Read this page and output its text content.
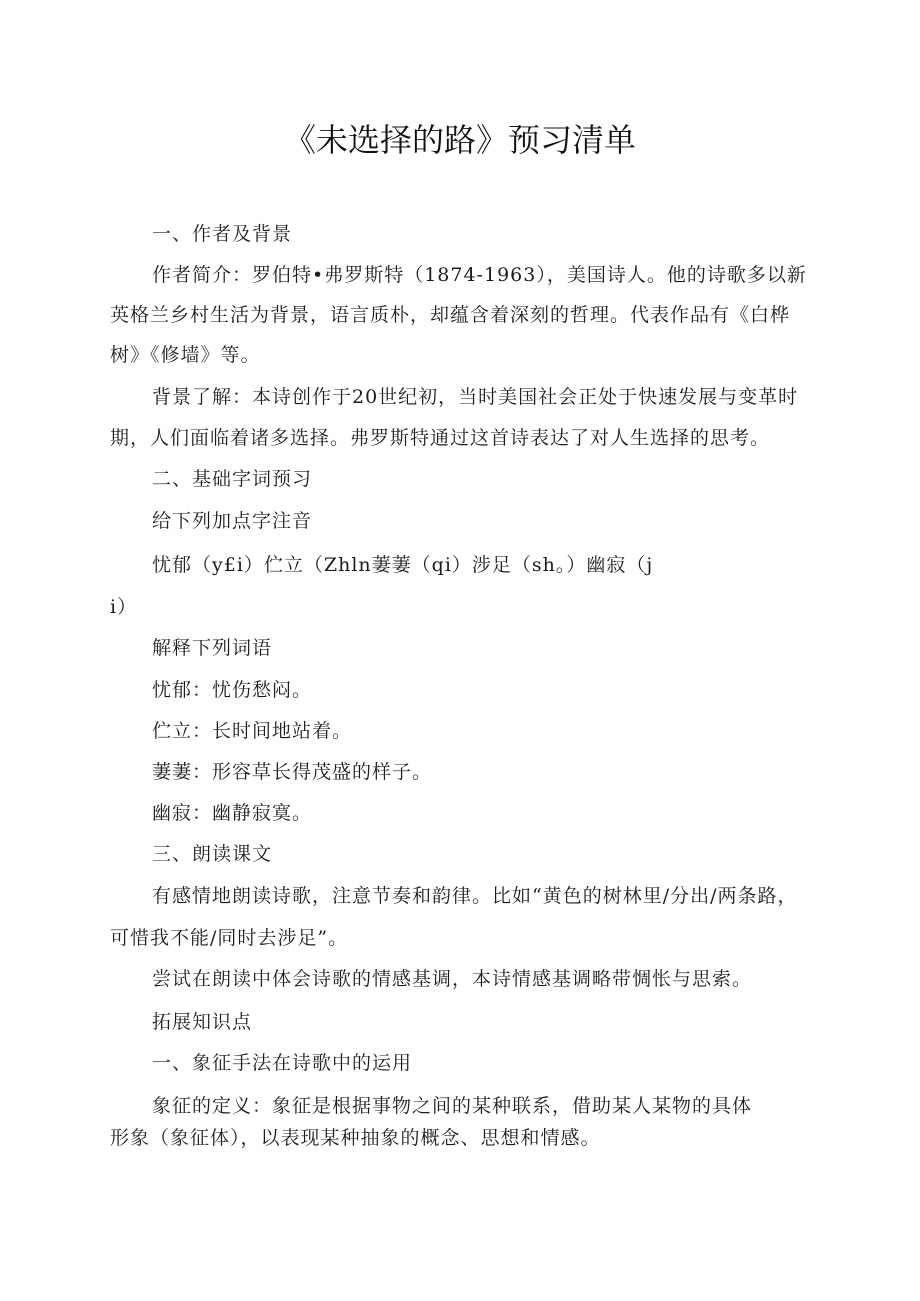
《未选择的路》预习清单
一、作者及背景
作者简介：罗伯特•弗罗斯特（1874-1963），美国诗人。他的诗歌多以新
英格兰乡村生活为背景，语言质朴，却蕴含着深刻的哲理。代表作品有《白桦
树》《修墙》等。
背景了解：本诗创作于20世纪初，当时美国社会正处于快速发展与变革时
期，人们面临着诸多选择。弗罗斯特通过这首诗表达了对人生选择的思考。
二、基础字词预习
给下列加点字注音
忧郁（y£i）伫立（Zhln萋萋（qi）涉足（sh。）幽寂（j
i）
解释下列词语
忧郁：忧伤愁闷。
伫立：长时间地站着。
萋萋：形容草长得茂盛的样子。
幽寂：幽静寂寞。
三、朗读课文
有感情地朗读诗歌，注意节奏和韵律。比如“黄色的树林里/分出/两条路，
可惜我不能/同时去涉足”。
尝试在朗读中体会诗歌的情感基调，本诗情感基调略带惆怅与思索。
拓展知识点
一、象征手法在诗歌中的运用
象征的定义：象征是根据事物之间的某种联系，借助某人某物的具体
形象（象征体），以表现某种抽象的概念、思想和情感。
